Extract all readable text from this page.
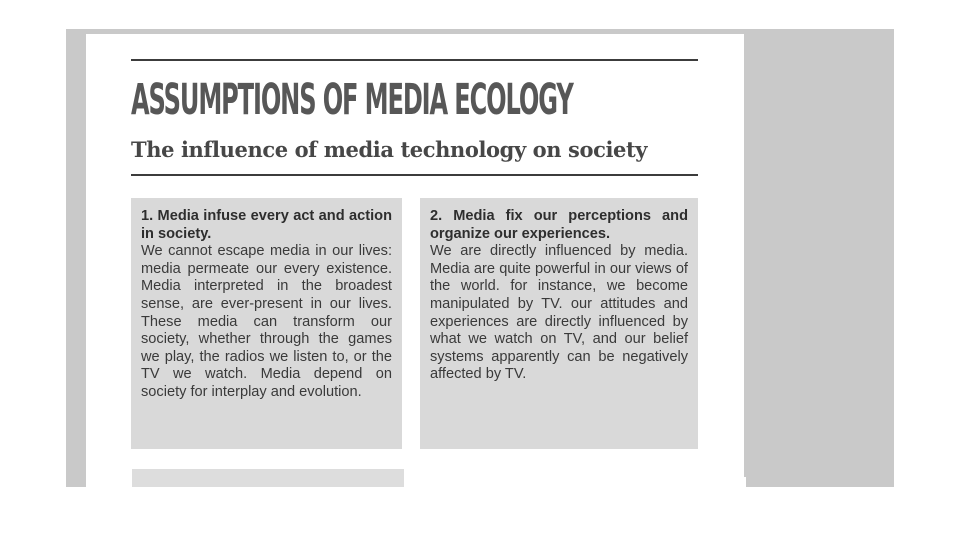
ASSUMPTIONS OF MEDIA ECOLOGY
The influence of media technology on society
1. Media infuse every act and action in society.
We cannot escape media in our lives: media permeate our every existence. Media interpreted in the broadest sense, are ever-present in our lives. These media can transform our society, whether through the games we play, the radios we listen to, or the TV we watch. Media depend on society for interplay and evolution.
2. Media fix our perceptions and organize our experiences.
We are directly influenced by media. Media are quite powerful in our views of the world. for instance, we become manipulated by TV. our attitudes and experiences are directly influenced by what we watch on TV, and our belief systems apparently can be negatively affected by TV.
